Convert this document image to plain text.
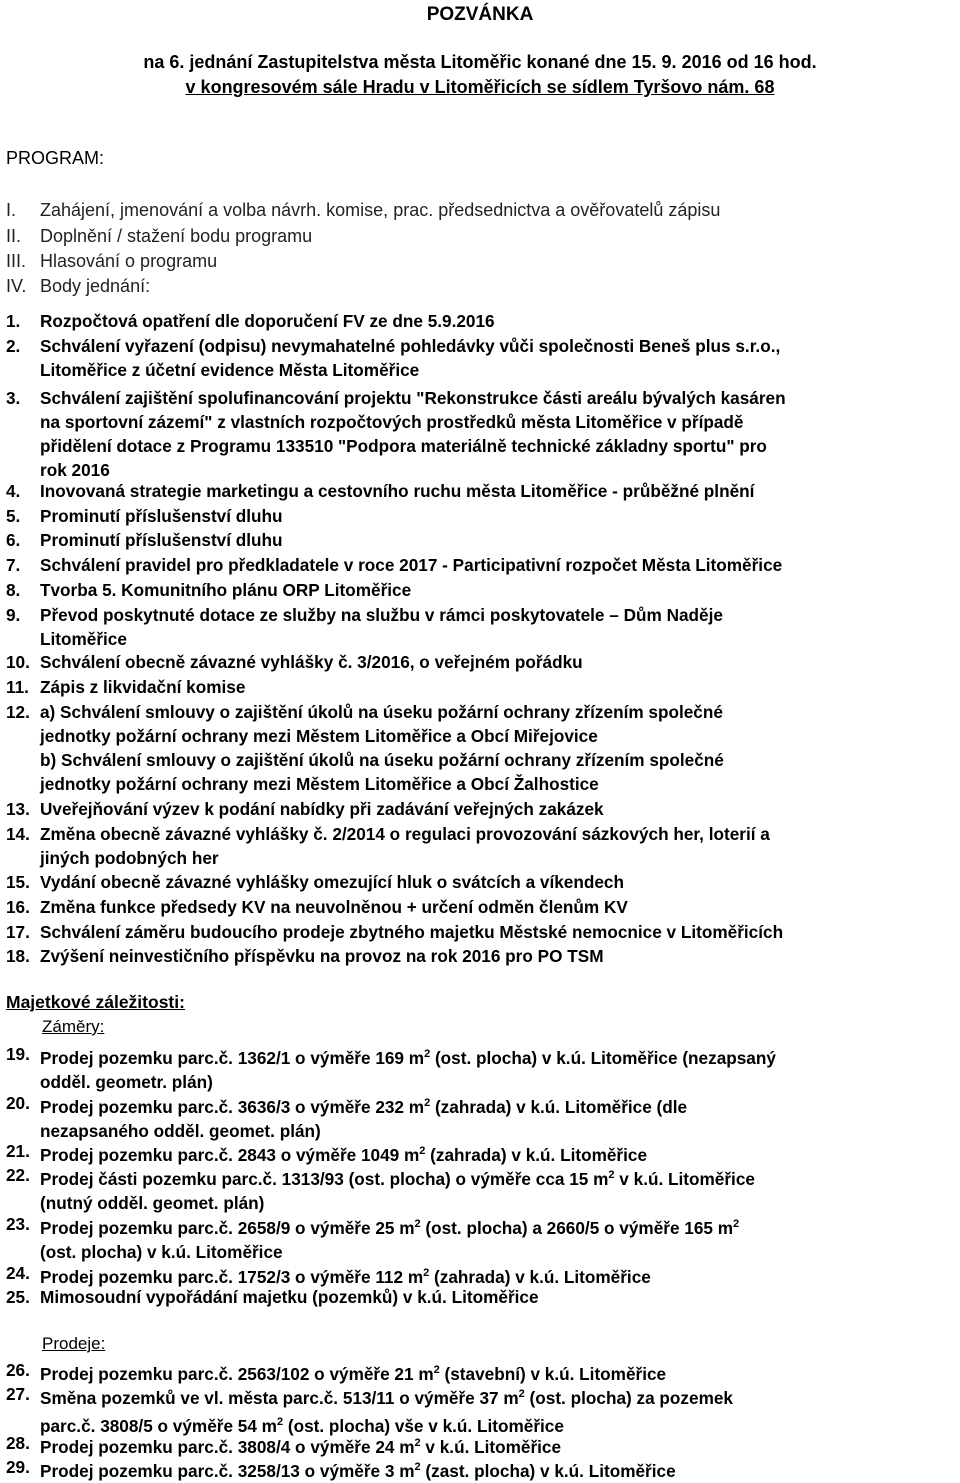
POZVÁNKA
na 6. jednání Zastupitelstva města Litoměřic konané dne 15. 9. 2016 od 16 hod.
v kongresovém sále Hradu v Litoměřicích se sídlem Tyršovo nám. 68
PROGRAM:
I. Zahájení, jmenování a volba návrh. komise, prac. předsednictva a ověřovatelů zápisu
II. Doplnění / stažení bodu programu
III. Hlasování o programu
IV. Body jednání:
1. Rozpočtová opatření dle doporučení FV ze dne 5.9.2016
2. Schválení vyřazení (odpisu) nevymahatelné pohledávky vůči společnosti Beneš plus s.r.o.,
Litoměřice z účetní evidence Města Litoměřice
3. Schválení zajištění spolufinancování projektu "Rekonstrukce části areálu bývalých kasáren
na sportovní zázemí" z vlastních rozpočtových prostředků města Litoměřice v případě
přidělení dotace z Programu 133510 "Podpora materiálně technické základny sportu" pro
rok 2016
4. Inovovaná strategie marketingu a cestovního ruchu města Litoměřice - průběžné plnění
5. Prominutí příslušenství dluhu
6. Prominutí příslušenství dluhu
7. Schválení pravidel pro předkladatele v roce 2017 - Participativní rozpočet Města Litoměřice
8. Tvorba 5. Komunitního plánu ORP Litoměřice
9. Převod poskytnuté dotace ze služby na službu v rámci poskytovatele – Dům Naděje
Litoměřice
10. Schválení obecně závazné vyhlášky č. 3/2016, o veřejném pořádku
11. Zápis z likvidační komise
12. a) Schválení smlouvy o zajištění úkolů na úseku požární ochrany zřízením společné
jednotky požární ochrany mezi Městem Litoměřice a Obcí Miřejovice
b) Schválení smlouvy o zajištění úkolů na úseku požární ochrany zřízením společné
jednotky požární ochrany mezi Městem Litoměřice a Obcí Žalhostice
13. Uveřejňování výzev k podání nabídky při zadávání veřejných zakázek
14. Změna obecně závazné vyhlášky č. 2/2014 o regulaci provozování sázkových her, loterií a
jiných podobných her
15. Vydání obecně závazné vyhlášky omezující hluk o svátcích a víkendech
16. Změna funkce předsedy KV na neuvolněnou + určení odměn členům KV
17. Schválení záměru budoucího prodeje zbytného majetku Městské nemocnice v Litoměřicích
18. Zvýšení neinvestičního příspěvku na provoz na rok 2016 pro PO TSM
Majetkové záležitosti:
Záměry:
19. Prodej pozemku parc.č. 1362/1 o výměře 169 $m^2$ (ost. plocha) v k.ú. Litoměřice (nezapsaný
odděl. geometr. plán)
20. Prodej pozemku parc.č. 3636/3 o výměře 232 $m^2$ (zahrada) v k.ú. Litoměřice (dle
nezapsaného odděl. geomet. plán)
21. Prodej pozemku parc.č. 2843 o výměře 1049 $m^2$ (zahrada) v k.ú. Litoměřice
22. Prodej části pozemku parc.č. 1313/93 (ost. plocha) o výměře cca 15 $m^2$ v k.ú. Litoměřice
(nutný odděl. geomet. plán)
23. Prodej pozemku parc.č. 2658/9 o výměře 25 $m^2$ (ost. plocha) a 2660/5 o výměře 165 $m^2$
(ost. plocha) v k.ú. Litoměřice
24. Prodej pozemku parc.č. 1752/3 o výměře 112 $m^2$ (zahrada) v k.ú. Litoměřice
25. Mimosoudní vypořádání majetku (pozemků) v k.ú. Litoměřice
Prodeje:
26. Prodej pozemku parc.č. 2563/102 o výměře 21 $m^2$ (stavební) v k.ú. Litoměřice
27. Směna pozemků ve vl. města parc.č. 513/11 o výměře 37 $m^2$ (ost. plocha) za pozemek
parc.č. 3808/5 o výměře 54 $m^2$ (ost. plocha) vše v k.ú. Litoměřice
28. Prodej pozemku parc.č. 3808/4 o výměře 24 $m^2$ v k.ú. Litoměřice
29. Prodej pozemku parc.č. 3258/13 o výměře 3 $m^2$ (zast. plocha) v k.ú. Litoměřice
